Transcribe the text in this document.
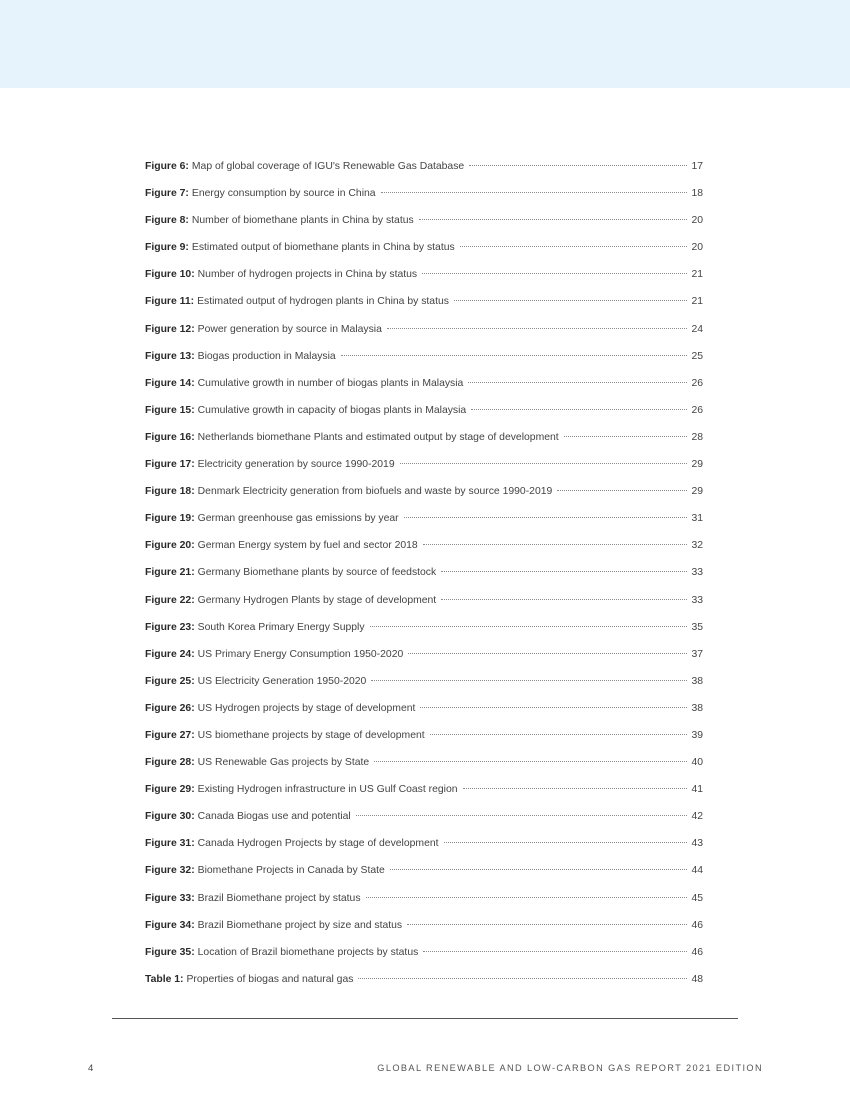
Figure 6: Map of global coverage of IGU's Renewable Gas Database	17
Figure 7: Energy consumption by source in China	18
Figure 8: Number of biomethane plants in China by status	20
Figure 9: Estimated output of biomethane plants in China by status	20
Figure 10: Number of hydrogen projects in China by status	21
Figure 11: Estimated output of hydrogen plants in China by status	21
Figure 12: Power generation by source in Malaysia	24
Figure 13: Biogas production in Malaysia	25
Figure 14: Cumulative growth in number of biogas plants in Malaysia	26
Figure 15: Cumulative growth in capacity of biogas plants in Malaysia	26
Figure 16: Netherlands biomethane Plants and estimated output by stage of development	28
Figure 17: Electricity generation by source 1990-2019	29
Figure 18: Denmark Electricity generation from biofuels and waste by source 1990-2019	29
Figure 19: German greenhouse gas emissions by year	31
Figure 20: German Energy system by fuel and sector 2018	32
Figure 21: Germany Biomethane plants by source of feedstock	33
Figure 22: Germany Hydrogen Plants by stage of development	33
Figure 23: South Korea Primary Energy Supply	35
Figure 24: US Primary Energy Consumption 1950-2020	37
Figure 25: US Electricity Generation 1950-2020	38
Figure 26: US Hydrogen projects by stage of development	38
Figure 27: US biomethane projects by stage of development	39
Figure 28: US Renewable Gas projects by State	40
Figure 29: Existing Hydrogen infrastructure in US Gulf Coast region	41
Figure 30: Canada Biogas use and potential	42
Figure 31: Canada Hydrogen Projects by stage of development	43
Figure 32: Biomethane Projects in Canada by State	44
Figure 33: Brazil Biomethane project by status	45
Figure 34: Brazil Biomethane project by size and status	46
Figure 35: Location of Brazil biomethane projects by status	46
Table 1: Properties of biogas and natural gas	48
4	GLOBAL RENEWABLE AND LOW-CARBON GAS REPORT 2021 EDITION
